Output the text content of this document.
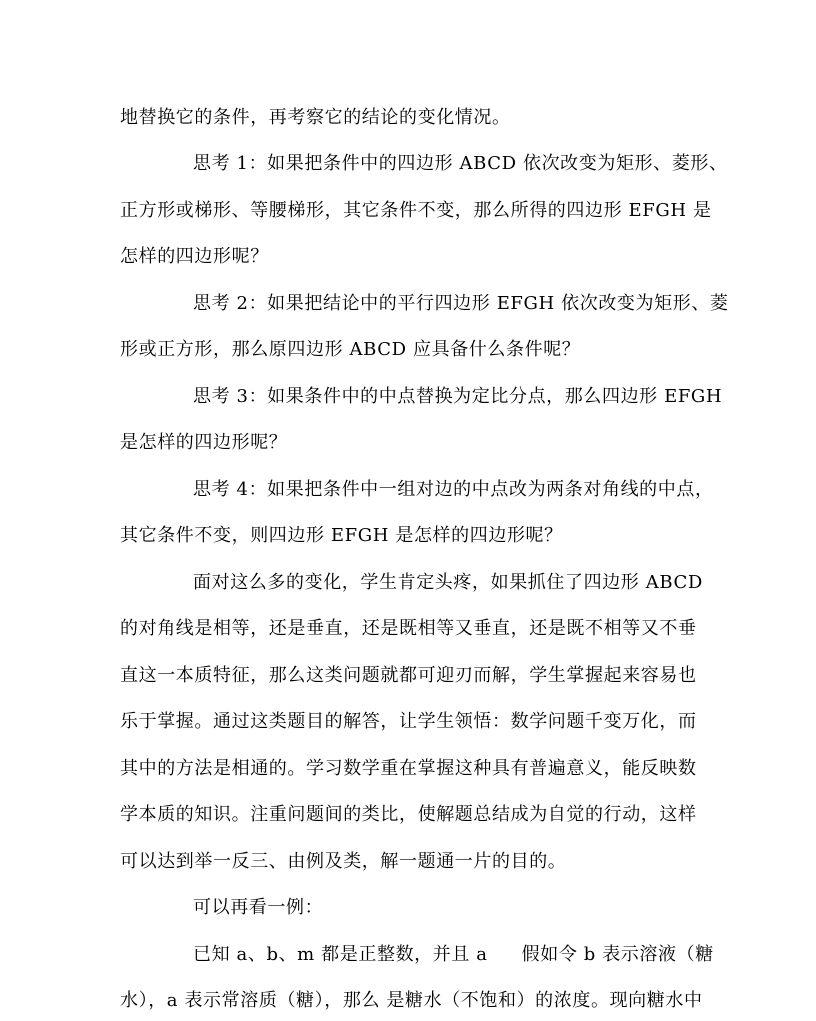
地替换它的条件，再考察它的结论的变化情况。
思考 1：如果把条件中的四边形 ABCD 依次改变为矩形、菱形、
正方形或梯形、等腰梯形，其它条件不变，那么所得的四边形 EFGH 是
怎样的四边形呢？
思考 2：如果把结论中的平行四边形 EFGH 依次改变为矩形、菱
形或正方形，那么原四边形 ABCD 应具备什么条件呢？
思考 3：如果条件中的中点替换为定比分点，那么四边形 EFGH
是怎样的四边形呢？
思考 4：如果把条件中一组对边的中点改为两条对角线的中点，
其它条件不变，则四边形 EFGH 是怎样的四边形呢？
面对这么多的变化，学生肯定头疼，如果抓住了四边形 ABCD
的对角线是相等，还是垂直，还是既相等又垂直，还是既不相等又不垂
直这一本质特征，那么这类问题就都可迎刃而解，学生掌握起来容易也
乐于掌握。通过这类题目的解答，让学生领悟：数学问题千变万化，而
其中的方法是相通的。学习数学重在掌握这种具有普遍意义，能反映数
学本质的知识。注重问题间的类比，使解题总结成为自觉的行动，这样
可以达到举一反三、由例及类，解一题通一片的目的。
可以再看一例：
已知 a、b、m 都是正整数，并且 a 假如令 b 表示溶液（糖
水），a 表示常溶质（糖），那么 是糖水（不饱和）的浓度。现向糖水中
